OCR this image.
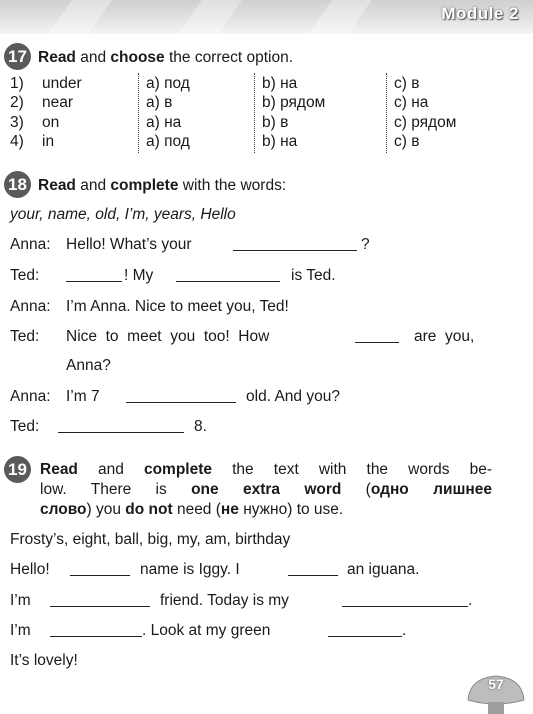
Module 2
17 Read and choose the correct option.
1) under	a) под	b) на	c) в
2) near	a) в	b) рядом	c) на
3) on	a) на	b) в	c) рядом
4) in	a) под	b) на	c) в
18 Read and complete with the words:
your, name, old, I’m, years, Hello
Anna: Hello! What’s your	?
Ted:	! My	is Ted.
Anna: I’m Anna. Nice to meet you, Ted!
Ted: Nice  to  meet  you  too!  How	are  you,
Anna?
Anna: I’m 7	old. And you?
Ted:	8.
19 Read and complete the text with the words be-
low. There is one extra word (одно лишнее
слово) you do not need (не нужно) to use.
Frosty’s, eight, ball, big, my, am, birthday
Hello!	name is Iggy. I	an iguana.
I’m	friend. Today is my	.
I’m	. Look at my green	.
It’s lovely!
57
